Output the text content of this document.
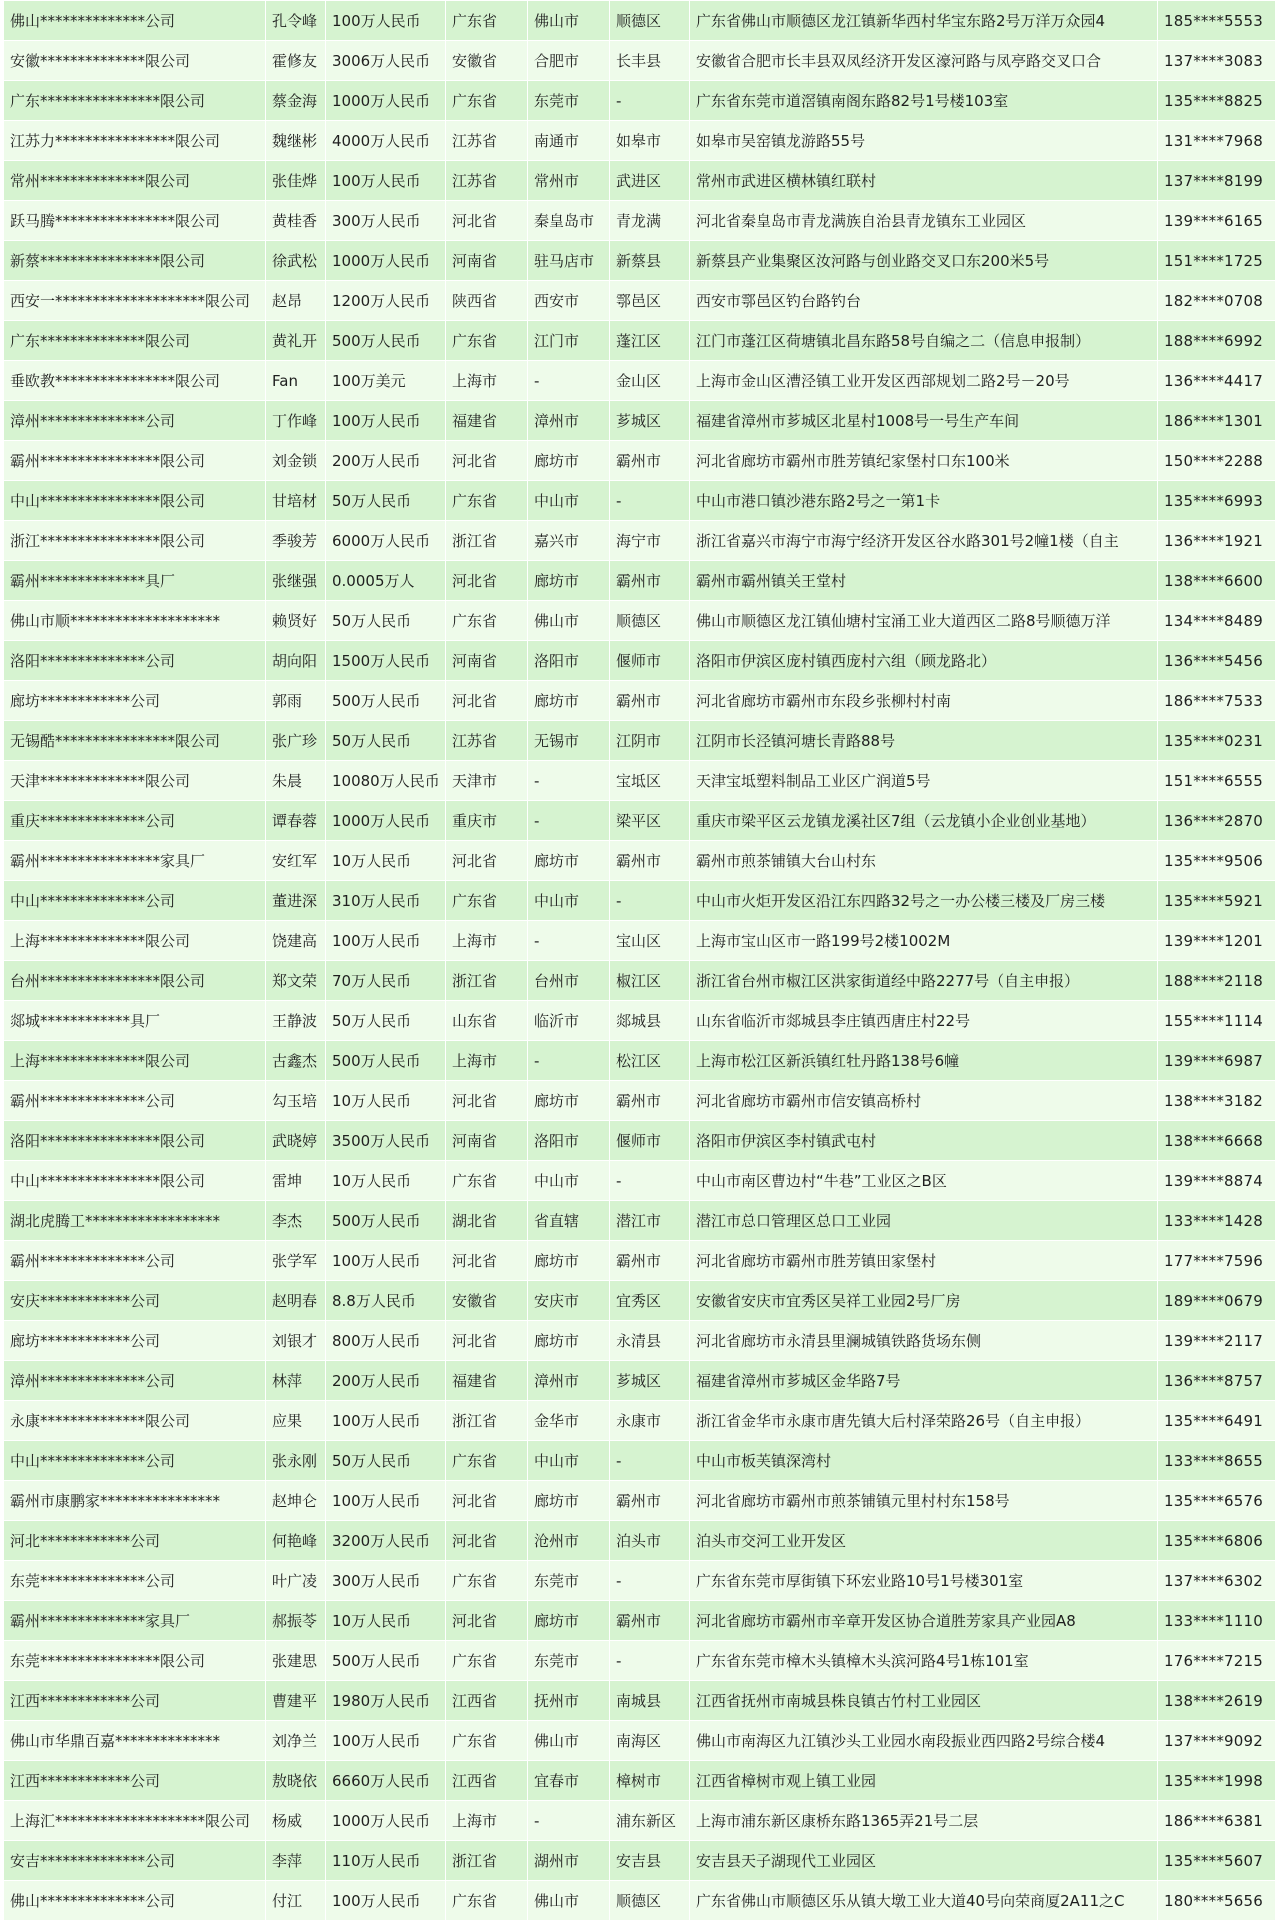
佛山**************公司	孔令峰	100万人民币	广东省	佛山市	顺德区	广东省佛山市顺德区龙江镇新华西村华宝东路2号万洋万众园4	185****5553
安徽**************限公司	霍修友	3006万人民币	安徽省	合肥市	长丰县	安徽省合肥市长丰县双凤经济开发区濠河路与凤亭路交叉口合	137****3083
广东****************限公司	蔡金海	1000万人民币	广东省	东莞市	-	广东省东莞市道滘镇南阁东路82号1号楼103室	135****8825
江苏力****************限公司	魏继彬	4000万人民币	江苏省	南通市	如皋市	如皋市吴窑镇龙游路55号	131****7968
常州**************限公司	张佳烨	100万人民币	江苏省	常州市	武进区	常州市武进区横林镇红联村	137****8199
跃马腾****************限公司	黄桂香	300万人民币	河北省	秦皇岛市	青龙满	河北省秦皇岛市青龙满族自治县青龙镇东工业园区	139****6165
新蔡****************限公司	徐武松	1000万人民币	河南省	驻马店市	新蔡县	新蔡县产业集聚区汝河路与创业路交叉口东200米5号	151****1725
西安一********************限公司	赵昂	1200万人民币	陕西省	西安市	鄠邑区	西安市鄠邑区钓台路钓台	182****0708
广东**************限公司	黄礼开	500万人民币	广东省	江门市	蓬江区	江门市蓬江区荷塘镇北昌东路58号自编之二（信息申报制）	188****6992
垂欧教****************限公司	Fan	100万美元	上海市	-	金山区	上海市金山区漕泾镇工业开发区西部规划二路2号－20号	136****4417
漳州**************公司	丁作峰	100万人民币	福建省	漳州市	芗城区	福建省漳州市芗城区北星村1008号一号生产车间	186****1301
霸州****************限公司	刘金锁	200万人民币	河北省	廊坊市	霸州市	河北省廊坊市霸州市胜芳镇纪家堡村口东100米	150****2288
中山****************限公司	甘培材	50万人民币	广东省	中山市	-	中山市港口镇沙港东路2号之一第1卡	135****6993
浙江****************限公司	季骏芳	6000万人民币	浙江省	嘉兴市	海宁市	浙江省嘉兴市海宁市海宁经济开发区谷水路301号2幢1楼（自主	136****1921
霸州**************具厂	张继强	0.0005万人	河北省	廊坊市	霸州市	霸州市霸州镇关王堂村	138****6600
佛山市顺********************	赖贤好	50万人民币	广东省	佛山市	顺德区	佛山市顺德区龙江镇仙塘村宝涌工业大道西区二路8号顺德万洋	134****8489
洛阳**************公司	胡向阳	1500万人民币	河南省	洛阳市	偃师市	洛阳市伊滨区庞村镇西庞村六组（顾龙路北）	136****5456
廊坊************公司	郭雨	500万人民币	河北省	廊坊市	霸州市	河北省廊坊市霸州市东段乡张柳村村南	186****7533
无锡酷****************限公司	张广珍	50万人民币	江苏省	无锡市	江阴市	江阴市长泾镇河塘长青路88号	135****0231
天津**************限公司	朱晨	10080万人民币	天津市	-	宝坻区	天津宝坻塑料制品工业区广润道5号	151****6555
重庆**************公司	谭春蓉	1000万人民币	重庆市	-	梁平区	重庆市梁平区云龙镇龙溪社区7组（云龙镇小企业创业基地）	136****2870
霸州****************家具厂	安红军	10万人民币	河北省	廊坊市	霸州市	霸州市煎茶铺镇大台山村东	135****9506
中山**************公司	董进深	310万人民币	广东省	中山市	-	中山市火炬开发区沿江东四路32号之一办公楼三楼及厂房三楼	135****5921
上海**************限公司	饶建高	100万人民币	上海市	-	宝山区	上海市宝山区市一路199号2楼1002M	139****1201
台州****************限公司	郑文荣	70万人民币	浙江省	台州市	椒江区	浙江省台州市椒江区洪家街道经中路2277号（自主申报）	188****2118
郯城************具厂	王静波	50万人民币	山东省	临沂市	郯城县	山东省临沂市郯城县李庄镇西唐庄村22号	155****1114
上海**************限公司	古鑫杰	500万人民币	上海市	-	松江区	上海市松江区新浜镇红牡丹路138号6幢	139****6987
霸州**************公司	勾玉培	10万人民币	河北省	廊坊市	霸州市	河北省廊坊市霸州市信安镇高桥村	138****3182
洛阳****************限公司	武晓婷	3500万人民币	河南省	洛阳市	偃师市	洛阳市伊滨区李村镇武屯村	138****6668
中山****************限公司	雷坤	10万人民币	广东省	中山市	-	中山市南区曹边村“牛巷”工业区之B区	139****8874
湖北虎腾工******************	李杰	500万人民币	湖北省	省直辖	潜江市	潜江市总口管理区总口工业园	133****1428
霸州**************公司	张学军	100万人民币	河北省	廊坊市	霸州市	河北省廊坊市霸州市胜芳镇田家堡村	177****7596
安庆************公司	赵明春	8.8万人民币	安徽省	安庆市	宜秀区	安徽省安庆市宜秀区吴祥工业园2号厂房	189****0679
廊坊************公司	刘银才	800万人民币	河北省	廊坊市	永清县	河北省廊坊市永清县里澜城镇铁路货场东侧	139****2117
漳州**************公司	林萍	200万人民币	福建省	漳州市	芗城区	福建省漳州市芗城区金华路7号	136****8757
永康**************限公司	应果	100万人民币	浙江省	金华市	永康市	浙江省金华市永康市唐先镇大后村泽荣路26号（自主申报）	135****6491
中山**************公司	张永刚	50万人民币	广东省	中山市	-	中山市板芙镇深湾村	133****8655
霸州市康鹏家****************	赵坤仑	100万人民币	河北省	廊坊市	霸州市	河北省廊坊市霸州市煎茶铺镇元里村村东158号	135****6576
河北************公司	何艳峰	3200万人民币	河北省	沧州市	泊头市	泊头市交河工业开发区	135****6806
东莞**************公司	叶广凌	300万人民币	广东省	东莞市	-	广东省东莞市厚街镇下环宏业路10号1号楼301室	137****6302
霸州**************家具厂	郝振苓	10万人民币	河北省	廊坊市	霸州市	河北省廊坊市霸州市辛章开发区协合道胜芳家具产业园A8	133****1110
东莞****************限公司	张建思	500万人民币	广东省	东莞市	-	广东省东莞市樟木头镇樟木头滨河路4号1栋101室	176****7215
江西************公司	曹建平	1980万人民币	江西省	抚州市	南城县	江西省抚州市南城县株良镇古竹村工业园区	138****2619
佛山市华鼎百嘉**************	刘净兰	100万人民币	广东省	佛山市	南海区	佛山市南海区九江镇沙头工业园水南段振业西四路2号综合楼4	137****9092
江西************公司	敖晓依	6660万人民币	江西省	宜春市	樟树市	江西省樟树市观上镇工业园	135****1998
上海汇********************限公司	杨威	1000万人民币	上海市	-	浦东新区	上海市浦东新区康桥东路1365弄21号二层	186****6381
安吉**************公司	李萍	110万人民币	浙江省	湖州市	安吉县	安吉县天子湖现代工业园区	135****5607
佛山**************公司	付江	100万人民币	广东省	佛山市	顺德区	广东省佛山市顺德区乐从镇大墩工业大道40号向荣商厦2A11之C	180****5656
